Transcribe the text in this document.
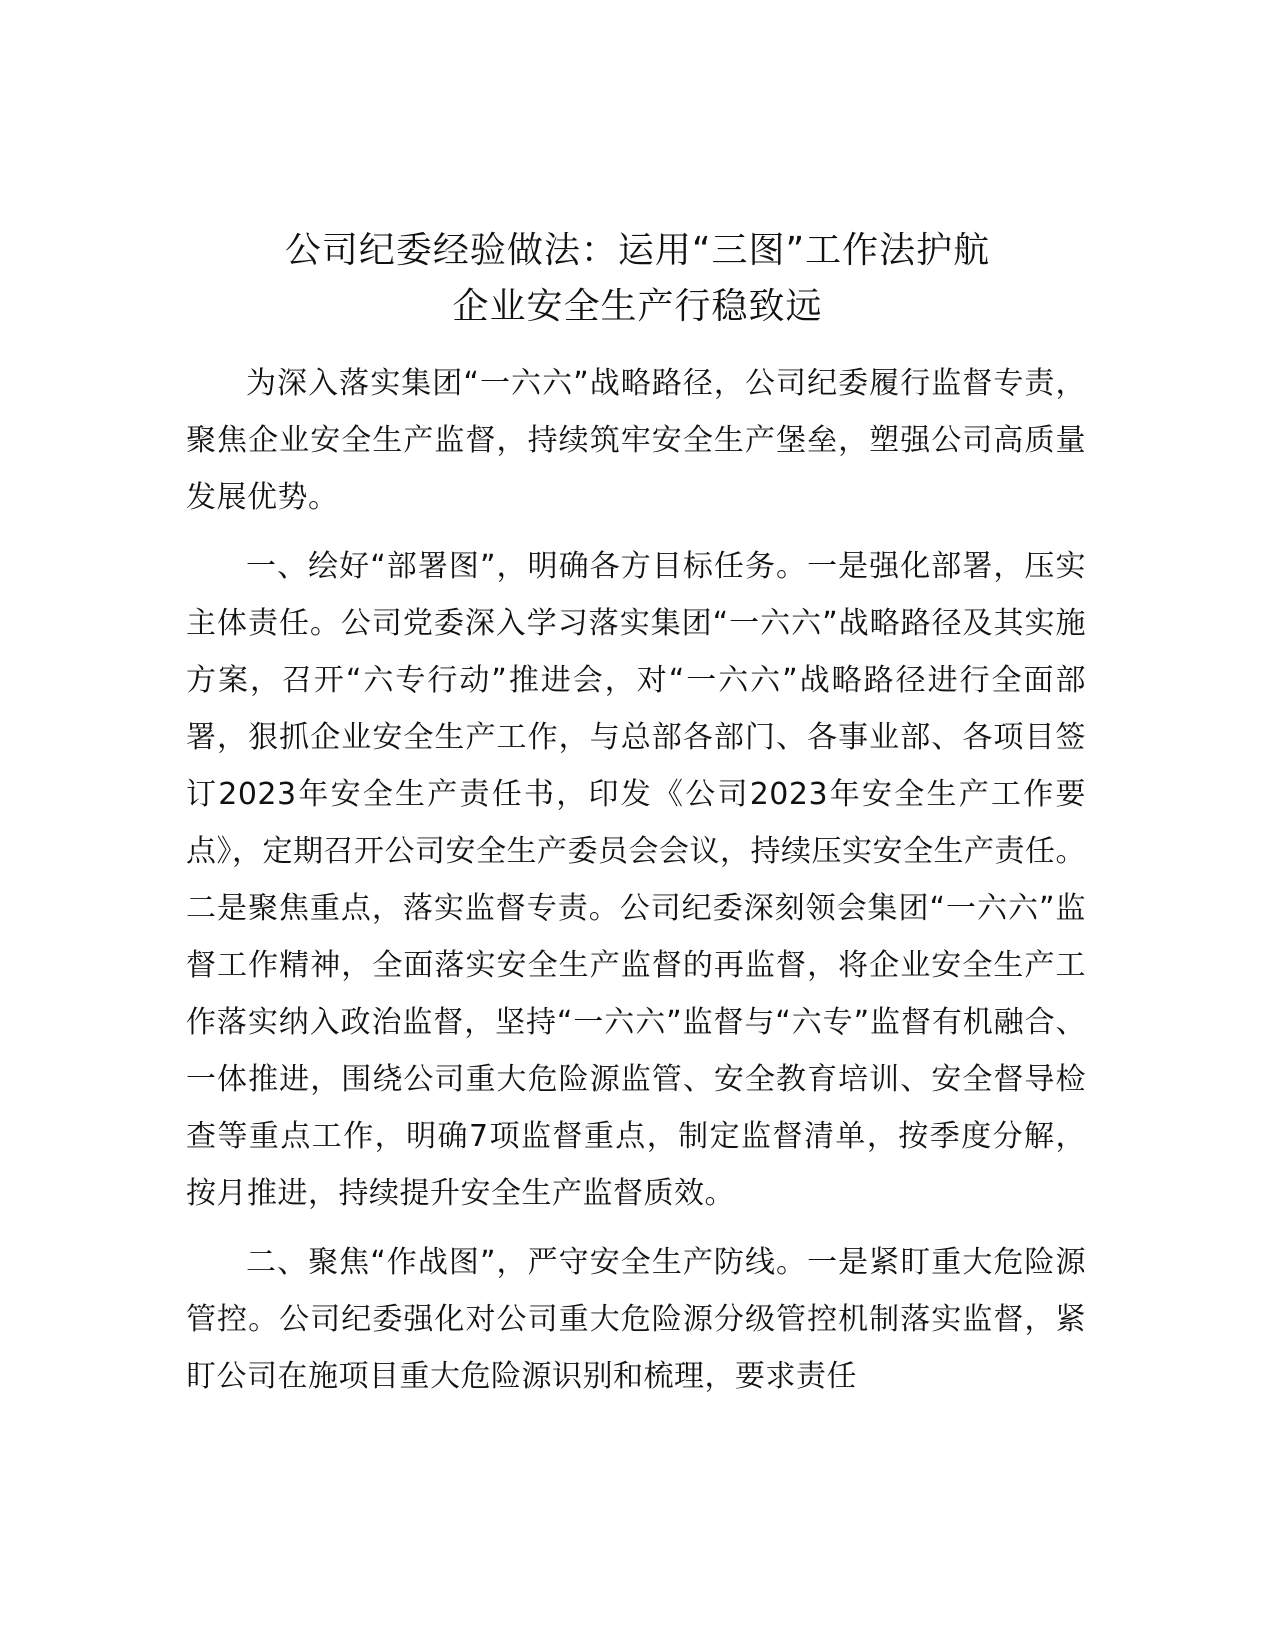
公司纪委经验做法：运用“三图”工作法护航
企业安全生产行稳致远

为深入落实集团“一六六”战略路径，公司纪委履行监督专责，聚焦企业安全生产监督，持续筑牢安全生产堡垒，塑强公司高质量发展优势。

一、绘好“部署图”，明确各方目标任务。一是强化部署，压实主体责任。公司党委深入学习落实集团“一六六”战略路径及其实施方案，召开“六专行动”推进会，对“一六六”战略路径进行全面部署，狠抓企业安全生产工作，与总部各部门、各事业部、各项目签订2023年安全生产责任书，印发《公司2023年安全生产工作要点》，定期召开公司安全生产委员会会议，持续压实安全生产责任。二是聚焦重点，落实监督专责。公司纪委深刻领会集团“一六六”监督工作精神，全面落实安全生产监督的再监督，将企业安全生产工作落实纳入政治监督，坚持“一六六”监督与“六专”监督有机融合、一体推进，围绕公司重大危险源监管、安全教育培训、安全督导检查等重点工作，明确7项监督重点，制定监督清单，按季度分解，按月推进，持续提升安全生产监督质效。

二、聚焦“作战图”，严守安全生产防线。一是紧盯重大危险源管控。公司纪委强化对公司重大危险源分级管控机制落实监督，紧盯公司在施项目重大危险源识别和梳理，要求责任
